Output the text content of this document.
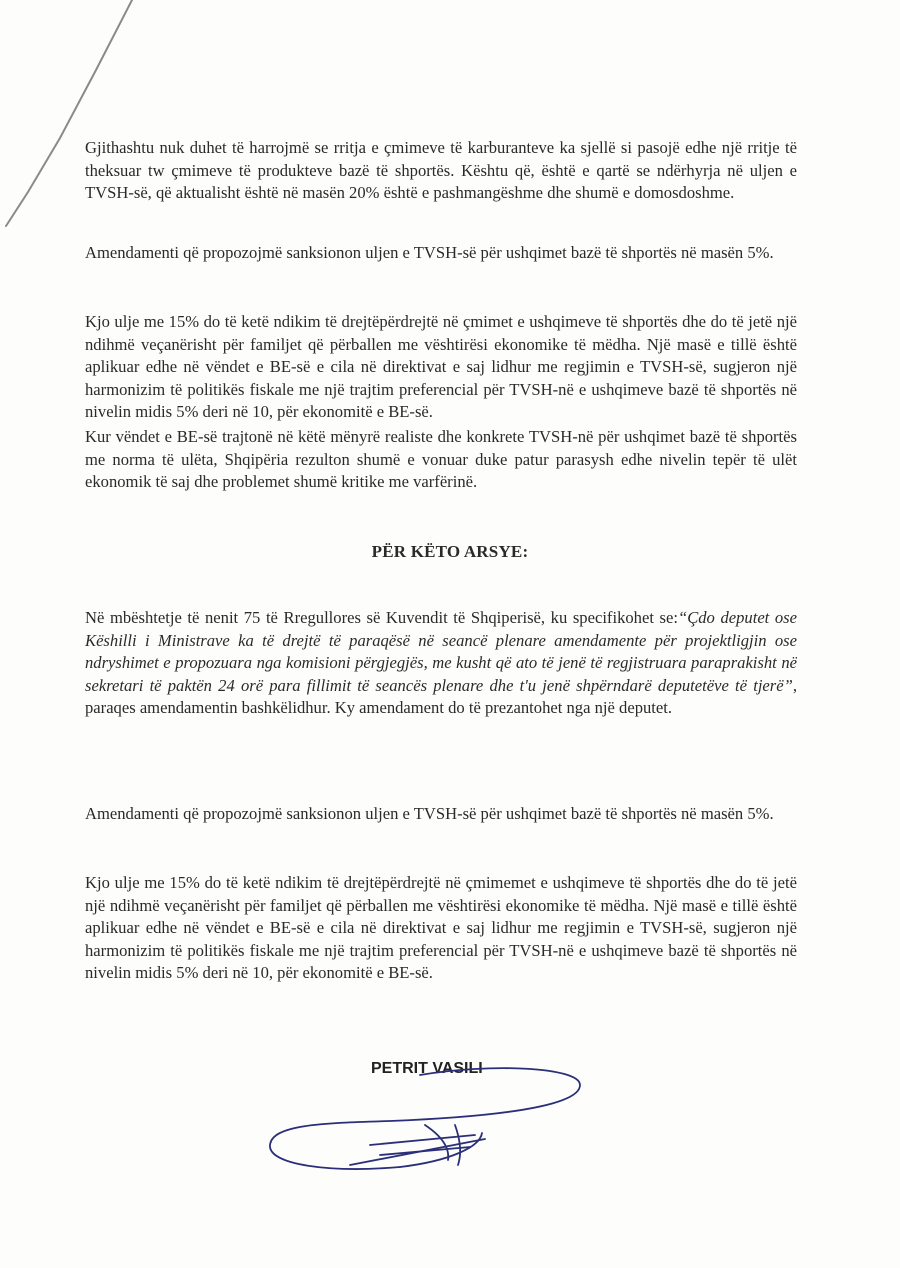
Gjithashtu nuk duhet të harrojmë se rritja e çmimeve të karburanteve ka sjellë si pasojë edhe një rritje të theksuar tw çmimeve të produkteve bazë të shportës. Kështu që, është e qartë se ndërhyrja në uljen e TVSH-së, që aktualisht është në masën 20% është e pashmangëshme dhe shumë e domosdoshme.

Amendamenti që propozojmë sanksionon uljen e TVSH-së për ushqimet bazë të shportës në masën 5%.

Kjo ulje me 15% do të ketë ndikim të drejtëpërdrejtë në çmimet e ushqimeve të shportës dhe do të jetë një ndihmë veçanërisht për familjet që përballen me vështirësi ekonomike të mëdha. Një masë e tillë është aplikuar edhe në vëndet e BE-së e cila në direktivat e saj lidhur me regjimin e TVSH-së, sugjeron një harmonizim të politikës fiskale me një trajtim preferencial për TVSH-në e ushqimeve bazë të shportës në nivelin midis 5% deri në 10, për ekonomitë e BE-së.

Kur vëndet e BE-së trajtonë në këtë mënyrë realiste dhe konkrete TVSH-në për ushqimet bazë të shportës me norma të ulëta, Shqipëria rezulton shumë e vonuar duke patur parasysh edhe nivelin tepër të ulët ekonomik të saj dhe problemet shumë kritike me varfërinë.

PËR KËTO ARSYE:

Në mbështetje të nenit 75 të Rregullores së Kuvendit të Shqiperisë, ku specifikohet se:“Çdo deputet ose Këshilli i Ministrave ka të drejtë të paraqësë në seancë plenare amendamente për projektligjin ose ndryshimet e propozuara nga komisioni përgjegjës, me kusht që ato të jenë të regjistruara paraprakisht në sekretari të paktën 24 orë para fillimit të seancës plenare dhe t'u jenë shpërndarë deputetëve të tjerë”, paraqes amendamentin bashkëlidhur. Ky amendament do të prezantohet nga një deputet.

Amendamenti që propozojmë sanksionon uljen e TVSH-së për ushqimet bazë të shportës në masën 5%.

Kjo ulje me 15% do të ketë ndikim të drejtëpërdrejtë në çmimemet e ushqimeve të shportës dhe do të jetë një ndihmë veçanërisht për familjet që përballen me vështirësi ekonomike të mëdha. Një masë e tillë është aplikuar edhe në vëndet e BE-së e cila në direktivat e saj lidhur me regjimin e TVSH-së, sugjeron një harmonizim të politikës fiskale me një trajtim preferencial për TVSH-në e ushqimeve bazë të shportës në nivelin midis 5% deri në 10, për ekonomitë e BE-së.

PETRIT VASILI
